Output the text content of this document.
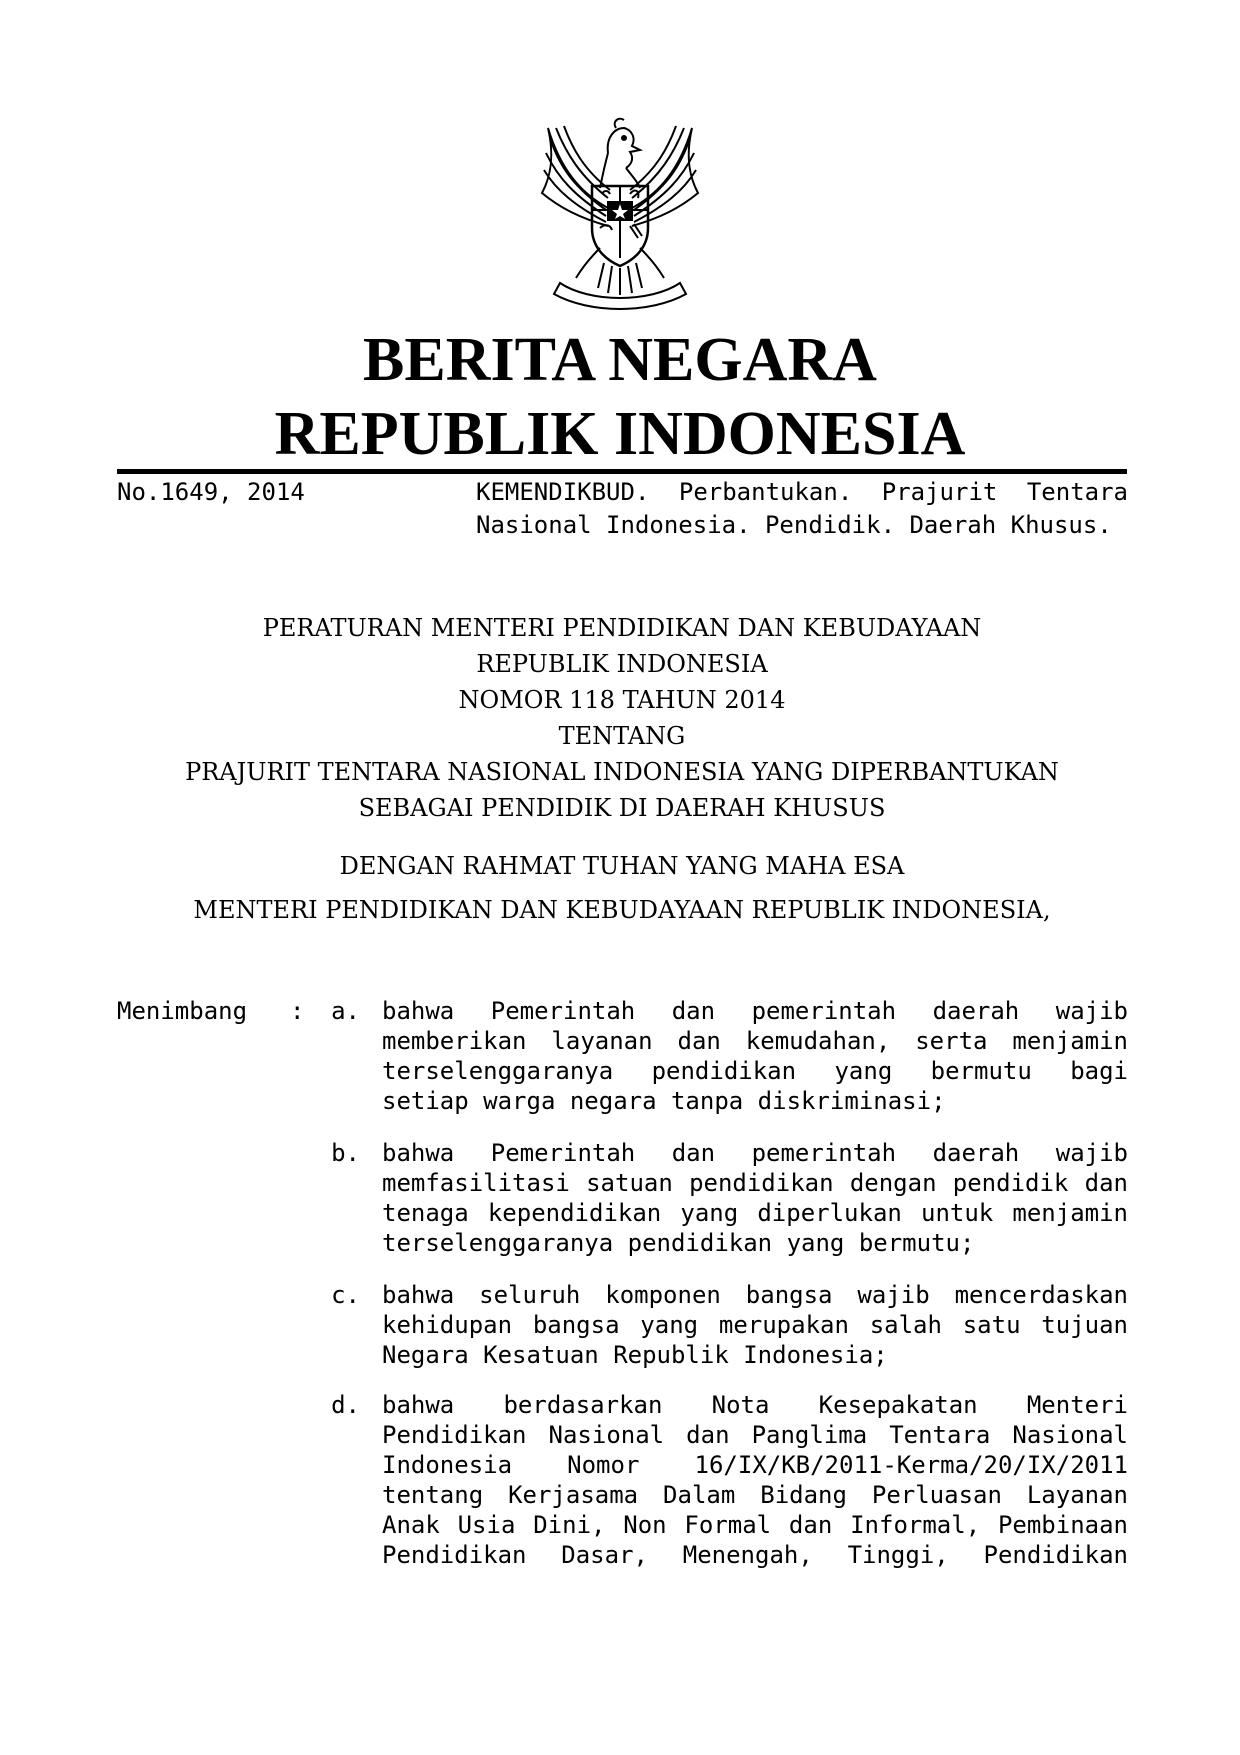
BERITA NEGARA
REPUBLIK INDONESIA
No.1649, 2014	KEMENDIKBUD. Perbantukan. Prajurit Tentara Nasional Indonesia. Pendidik. Daerah Khusus.
PERATURAN MENTERI PENDIDIKAN DAN KEBUDAYAAN
REPUBLIK INDONESIA
NOMOR 118 TAHUN 2014
TENTANG
PRAJURIT TENTARA NASIONAL INDONESIA YANG DIPERBANTUKAN
SEBAGAI PENDIDIK DI DAERAH KHUSUS
DENGAN RAHMAT TUHAN YANG MAHA ESA
MENTERI PENDIDIKAN DAN KEBUDAYAAN REPUBLIK INDONESIA,
Menimbang :	a. bahwa Pemerintah dan pemerintah daerah wajib memberikan layanan dan kemudahan, serta menjamin terselenggaranya pendidikan yang bermutu bagi setiap warga negara tanpa diskriminasi;
b. bahwa Pemerintah dan pemerintah daerah wajib memfasilitasi satuan pendidikan dengan pendidik dan tenaga kependidikan yang diperlukan untuk menjamin terselenggaranya pendidikan yang bermutu;
c. bahwa seluruh komponen bangsa wajib mencerdaskan kehidupan bangsa yang merupakan salah satu tujuan Negara Kesatuan Republik Indonesia;
d. bahwa berdasarkan Nota Kesepakatan Menteri Pendidikan Nasional dan Panglima Tentara Nasional Indonesia Nomor 16/IX/KB/2011-Kerma/20/IX/2011 tentang Kerjasama Dalam Bidang Perluasan Layanan Anak Usia Dini, Non Formal dan Informal, Pembinaan Pendidikan Dasar, Menengah, Tinggi, Pendidikan
